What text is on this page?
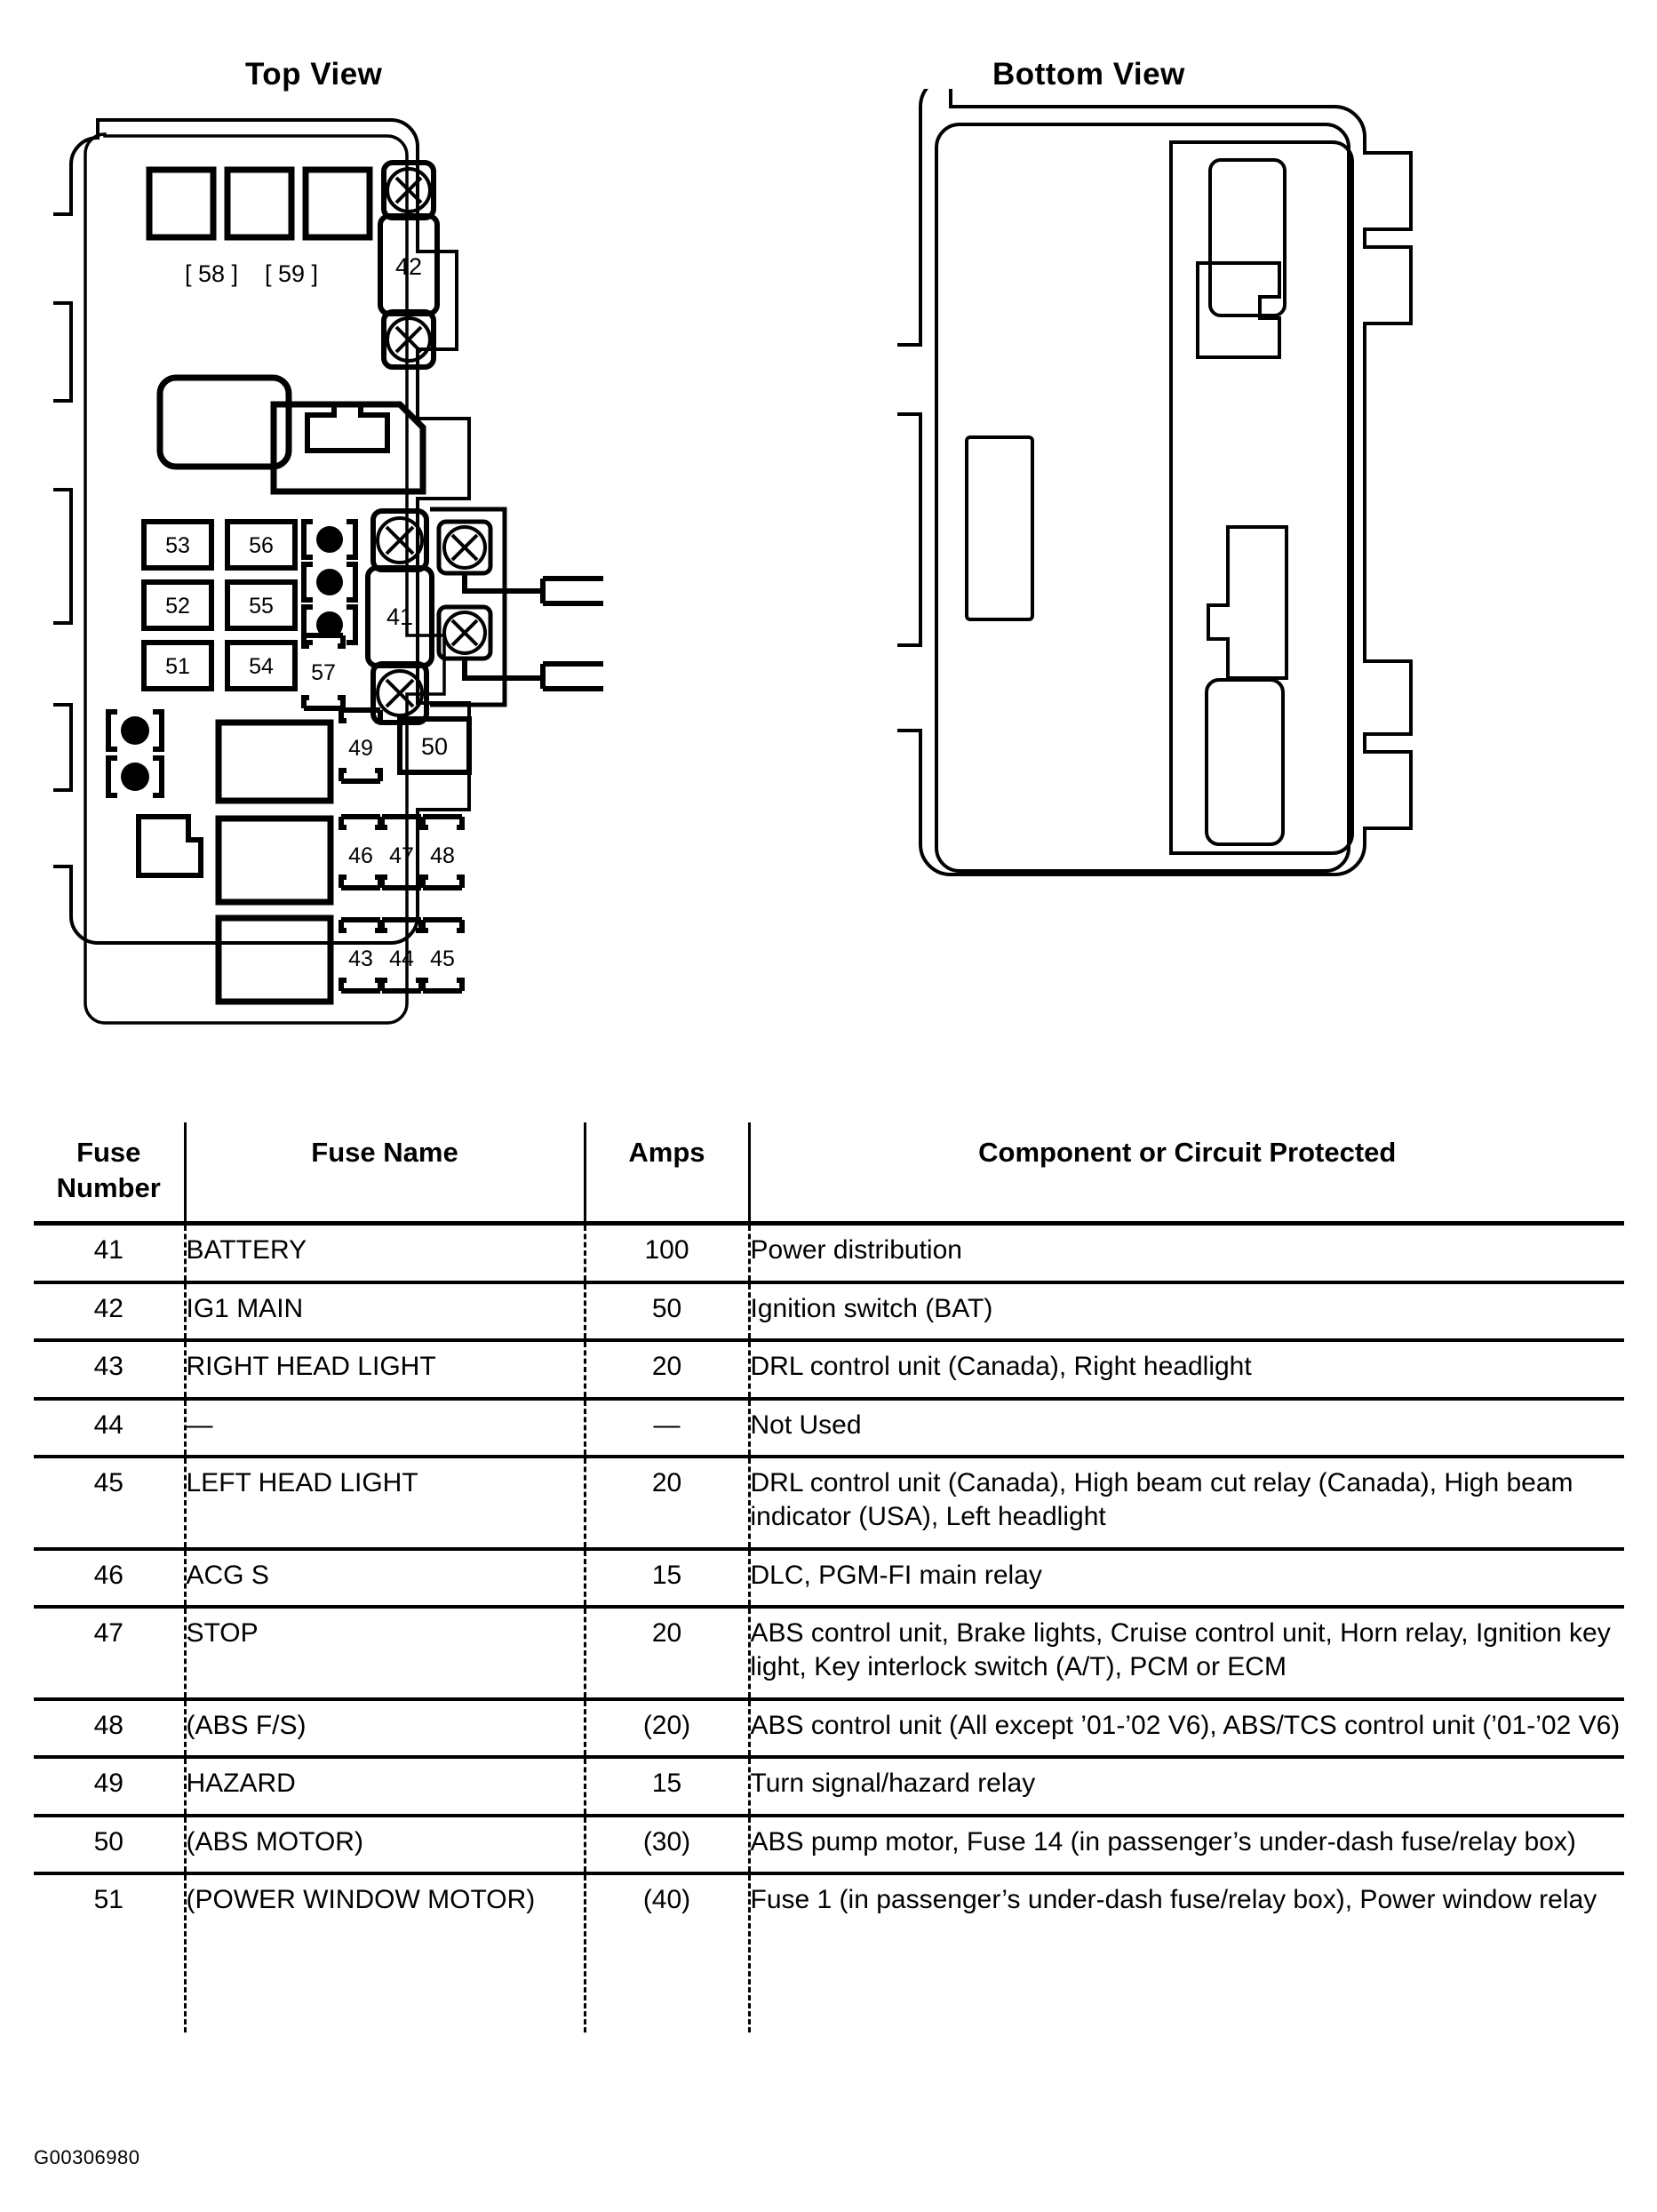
Top View	Bottom View
[ 58 ] [ 59 ]	42
53	56
52	55
51	54 57
41
49 50
46 47 48
43 44 45
Fuse
Number	Fuse Name	Amps	Component or Circuit Protected
41	BATTERY	100	Power distribution
42	IG1 MAIN	50	Ignition switch (BAT)
43	RIGHT HEAD LIGHT	20	DRL control unit (Canada), Right headlight
44	—	—	Not Used
45	LEFT HEAD LIGHT	20	DRL control unit (Canada), High beam cut relay (Canada), High beam indicator (USA), Left headlight
46	ACG S	15	DLC, PGM-FI main relay
47	STOP	20	ABS control unit, Brake lights, Cruise control unit, Horn relay, Ignition key light, Key interlock switch (A/T), PCM or ECM
48	(ABS F/S)	(20)	ABS control unit (All except ’01-’02 V6), ABS/TCS control unit (’01-’02 V6)
49	HAZARD	15	Turn signal/hazard relay
50	(ABS MOTOR)	(30)	ABS pump motor, Fuse 14 (in passenger’s under-dash fuse/relay box)
51	(POWER WINDOW MOTOR)	(40)	Fuse 1 (in passenger’s under-dash fuse/relay box), Power window relay
G00306980
